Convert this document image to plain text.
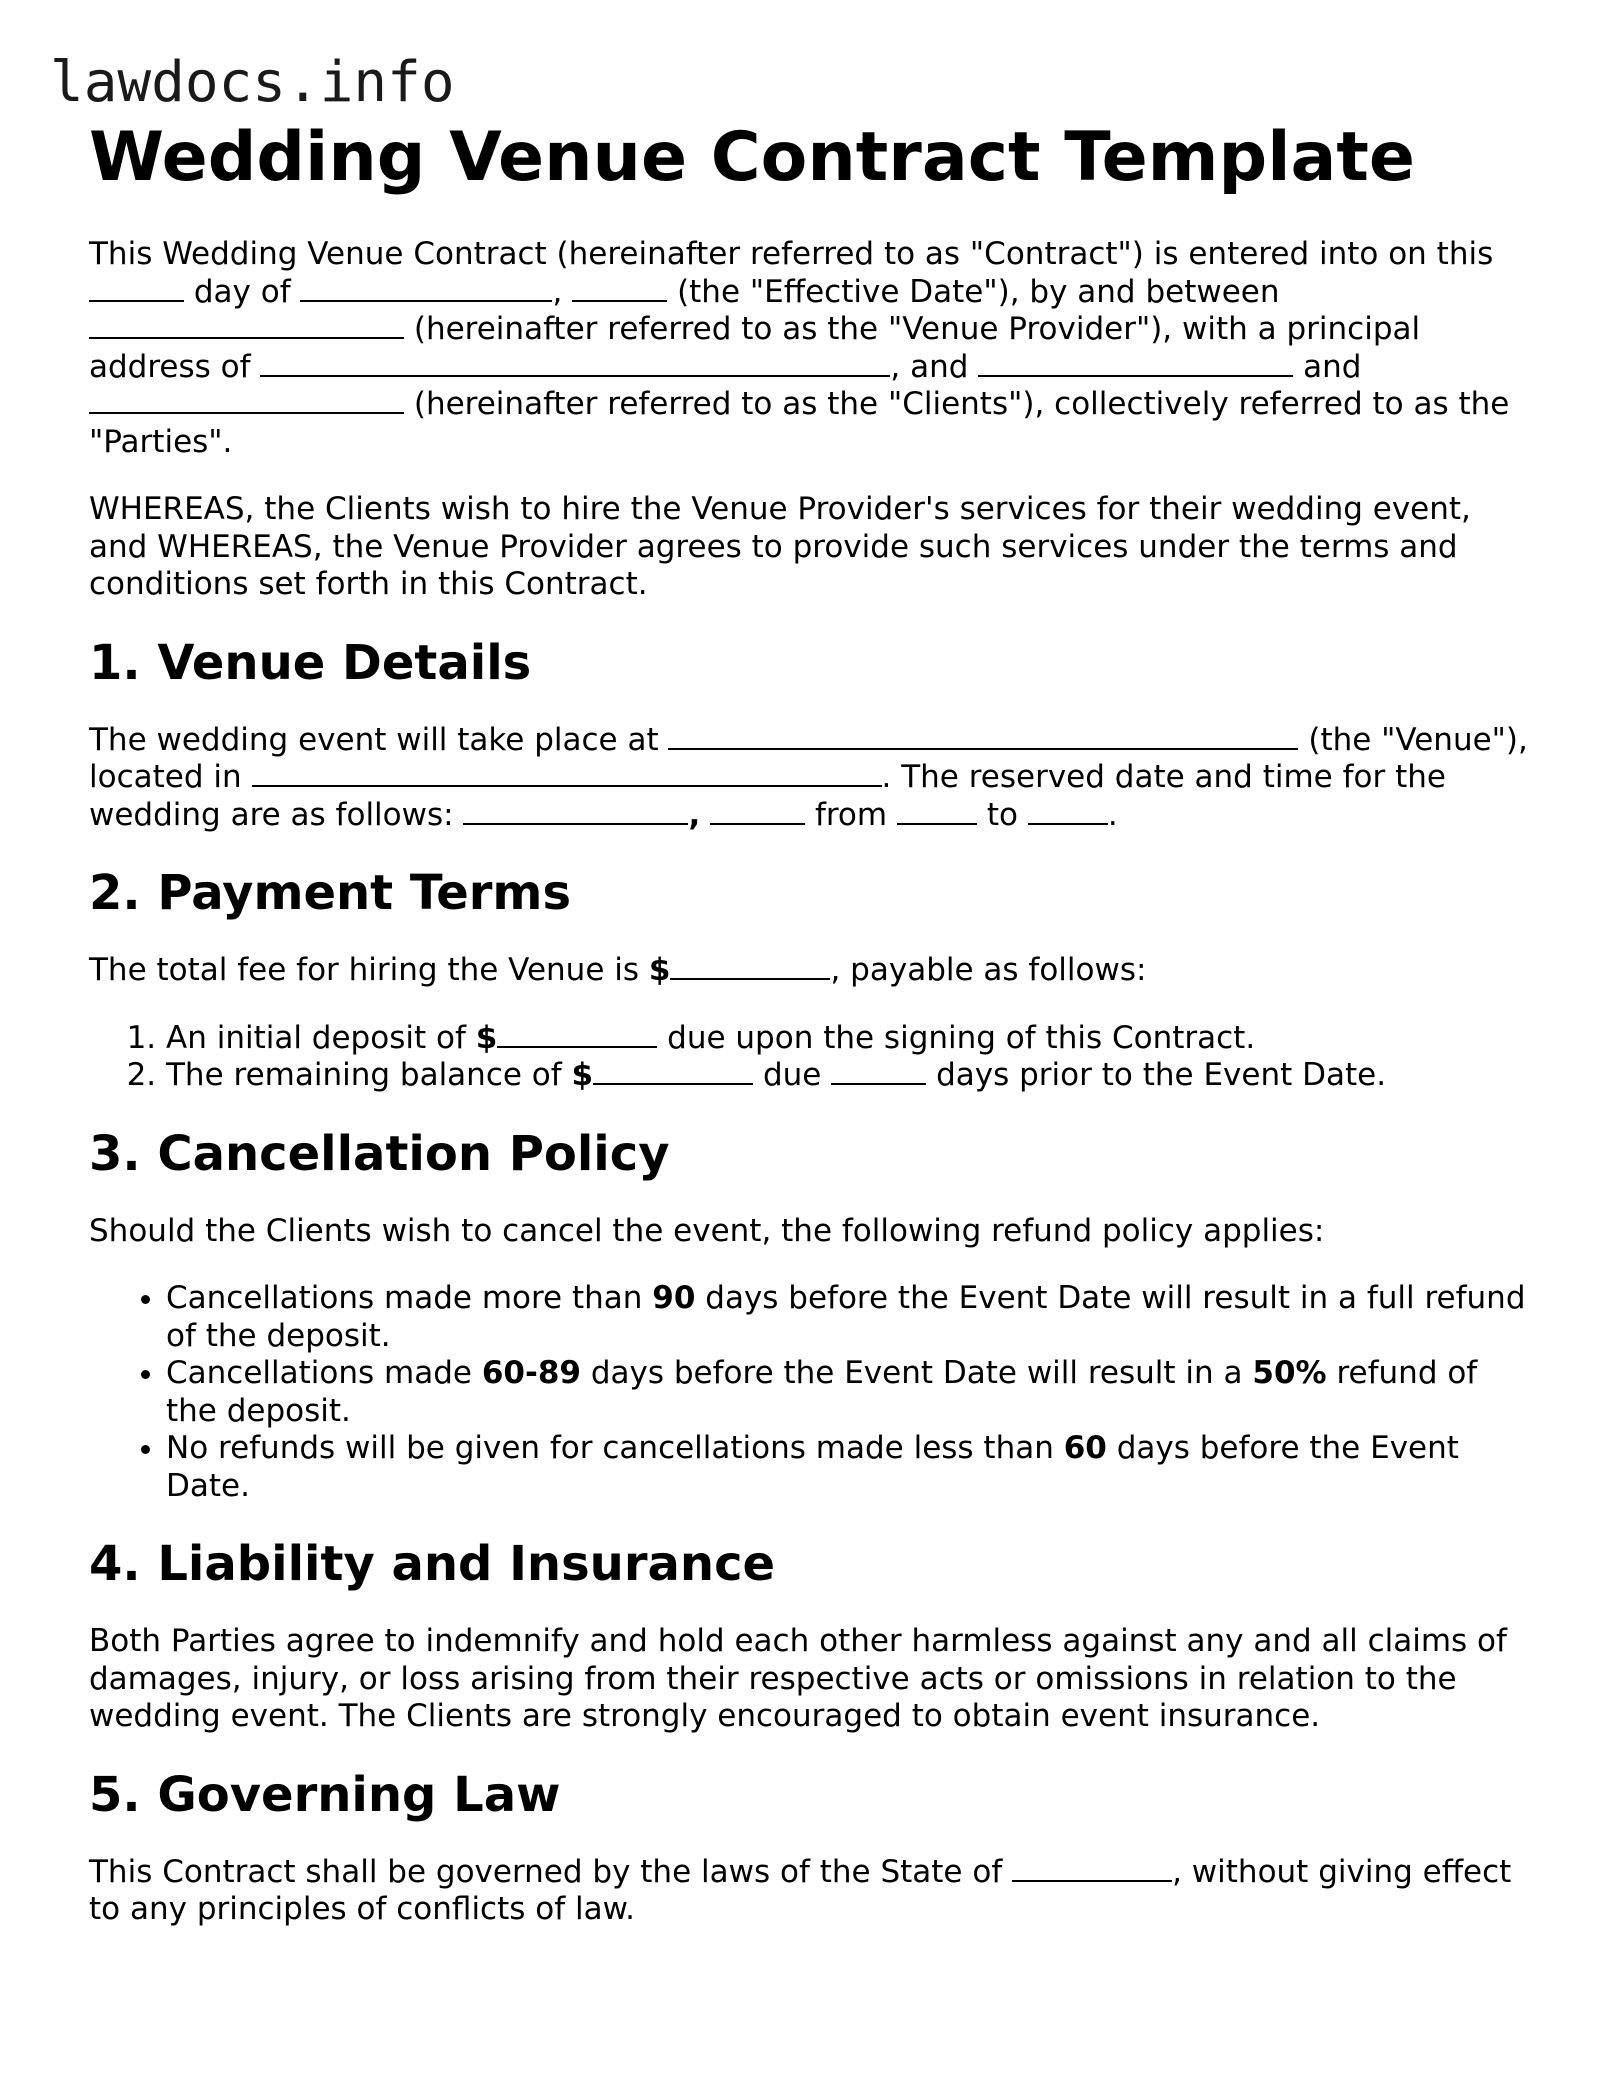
lawdocs.info
Wedding Venue Contract Template

This Wedding Venue Contract (hereinafter referred to as "Contract") is entered into on this  day of	,	(the "Effective Date"), by and between  (hereinafter referred to as the "Venue Provider"), with a principal address of	, and	and  (hereinafter referred to as the "Clients"), collectively referred to as the "Parties".

WHEREAS, the Clients wish to hire the Venue Provider's services for their wedding event, and WHEREAS, the Venue Provider agrees to provide such services under the terms and conditions set forth in this Contract.

1. Venue Details

The wedding event will take place at	(the "Venue"), located in	. The reserved date and time for the wedding are as follows:	,	from	to	.

2. Payment Terms

The total fee for hiring the Venue is $	, payable as follows:

1. An initial deposit of $	due upon the signing of this Contract.
2. The remaining balance of $	due	days prior to the Event Date.
3. Cancellation Policy

Should the Clients wish to cancel the event, the following refund policy applies:

• Cancellations made more than 90 days before the Event Date will result in a full refund of the deposit.
• Cancellations made 60-89 days before the Event Date will result in a 50% refund of the deposit.
• No refunds will be given for cancellations made less than 60 days before the Event Date.
4. Liability and Insurance

Both Parties agree to indemnify and hold each other harmless against any and all claims of damages, injury, or loss arising from their respective acts or omissions in relation to the wedding event. The Clients are strongly encouraged to obtain event insurance.

5. Governing Law

This Contract shall be governed by the laws of the State of	, without giving effect to any principles of conflicts of law.
